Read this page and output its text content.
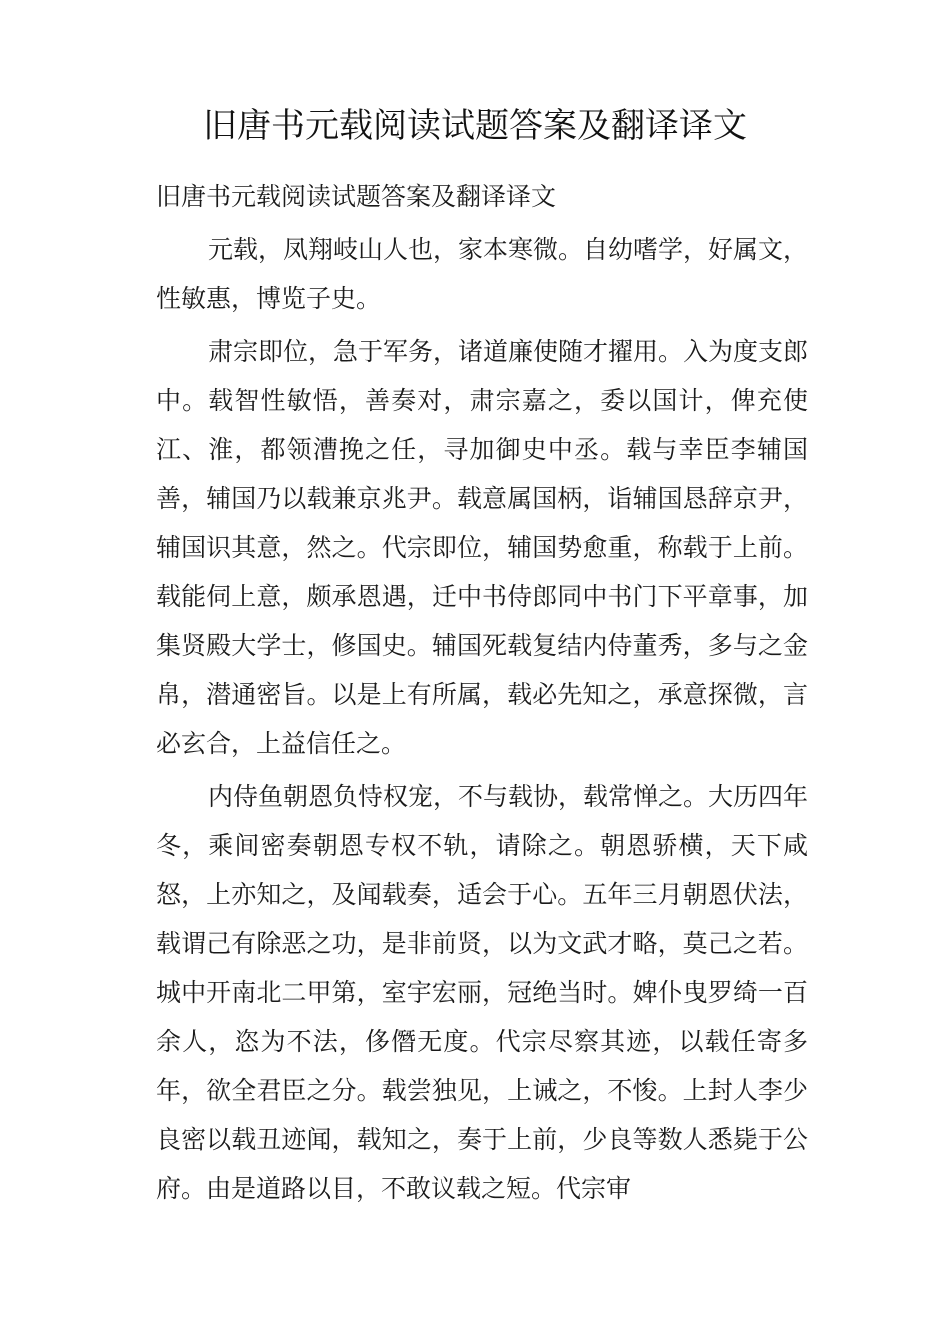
旧唐书元载阅读试题答案及翻译译文
旧唐书元载阅读试题答案及翻译译文

元载，凤翔岐山人也，家本寒微。自幼嗜学，好属文，性敏惠，博览子史。

肃宗即位，急于军务，诸道廉使随才擢用。入为度支郎中。载智性敏悟，善奏对，肃宗嘉之，委以国计，俾充使江、淮，都领漕挽之任，寻加御史中丞。载与幸臣李辅国善，辅国乃以载兼京兆尹。载意属国柄，诣辅国恳辞京尹，辅国识其意，然之。代宗即位，辅国势愈重，称载于上前。载能伺上意，颇承恩遇，迁中书侍郎同中书门下平章事，加集贤殿大学士，修国史。辅国死载复结内侍董秀，多与之金帛，潜通密旨。以是上有所属，载必先知之，承意探微，言必玄合，上益信任之。

内侍鱼朝恩负恃权宠，不与载协，载常惮之。大历四年冬，乘间密奏朝恩专权不轨，请除之。朝恩骄横，天下咸怒，上亦知之，及闻载奏，适会于心。五年三月朝恩伏法，载谓己有除恶之功，是非前贤，以为文武才略，莫己之若。城中开南北二甲第，室宇宏丽，冠绝当时。婢仆曳罗绮一百余人，恣为不法，侈僭无度。代宗尽察其迹，以载任寄多年，欲全君臣之分。载尝独见，上诫之，不悛。上封人李少良密以载丑迹闻，载知之，奏于上前，少良等数人悉毙于公府。由是道路以目，不敢议载之短。代宗审
